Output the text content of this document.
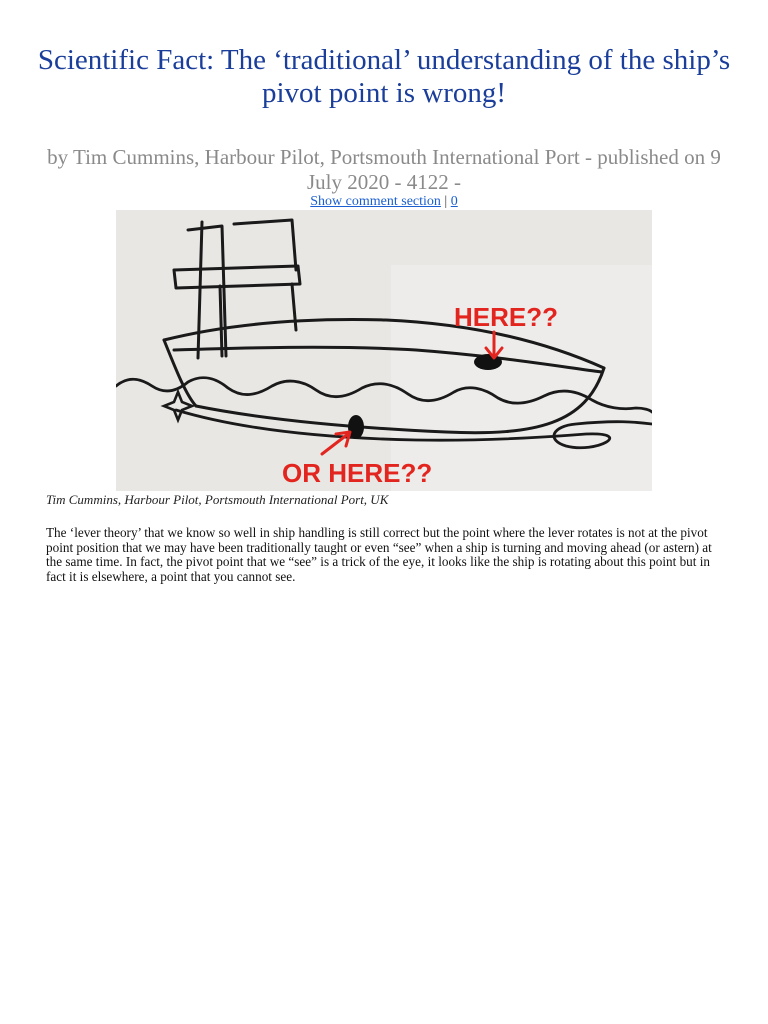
Scientific Fact: The ‘traditional’ understanding of the ship’s pivot point is wrong!
by Tim Cummins, Harbour Pilot, Portsmouth International Port - published on 9 July 2020 - 4122 -
Show comment section | 0
HERE??
OR HERE??
Tim Cummins, Harbour Pilot, Portsmouth International Port, UK

The ‘lever theory’ that we know so well in ship handling is still correct but the point where the lever rotates is not at the pivot point position that we may have been traditionally taught or even “see” when a ship is turning and moving ahead (or astern) at the same time. In fact, the pivot point that we “see” is a trick of the eye, it looks like the ship is rotating about this point but in fact it is elsewhere, a point that you cannot see.
